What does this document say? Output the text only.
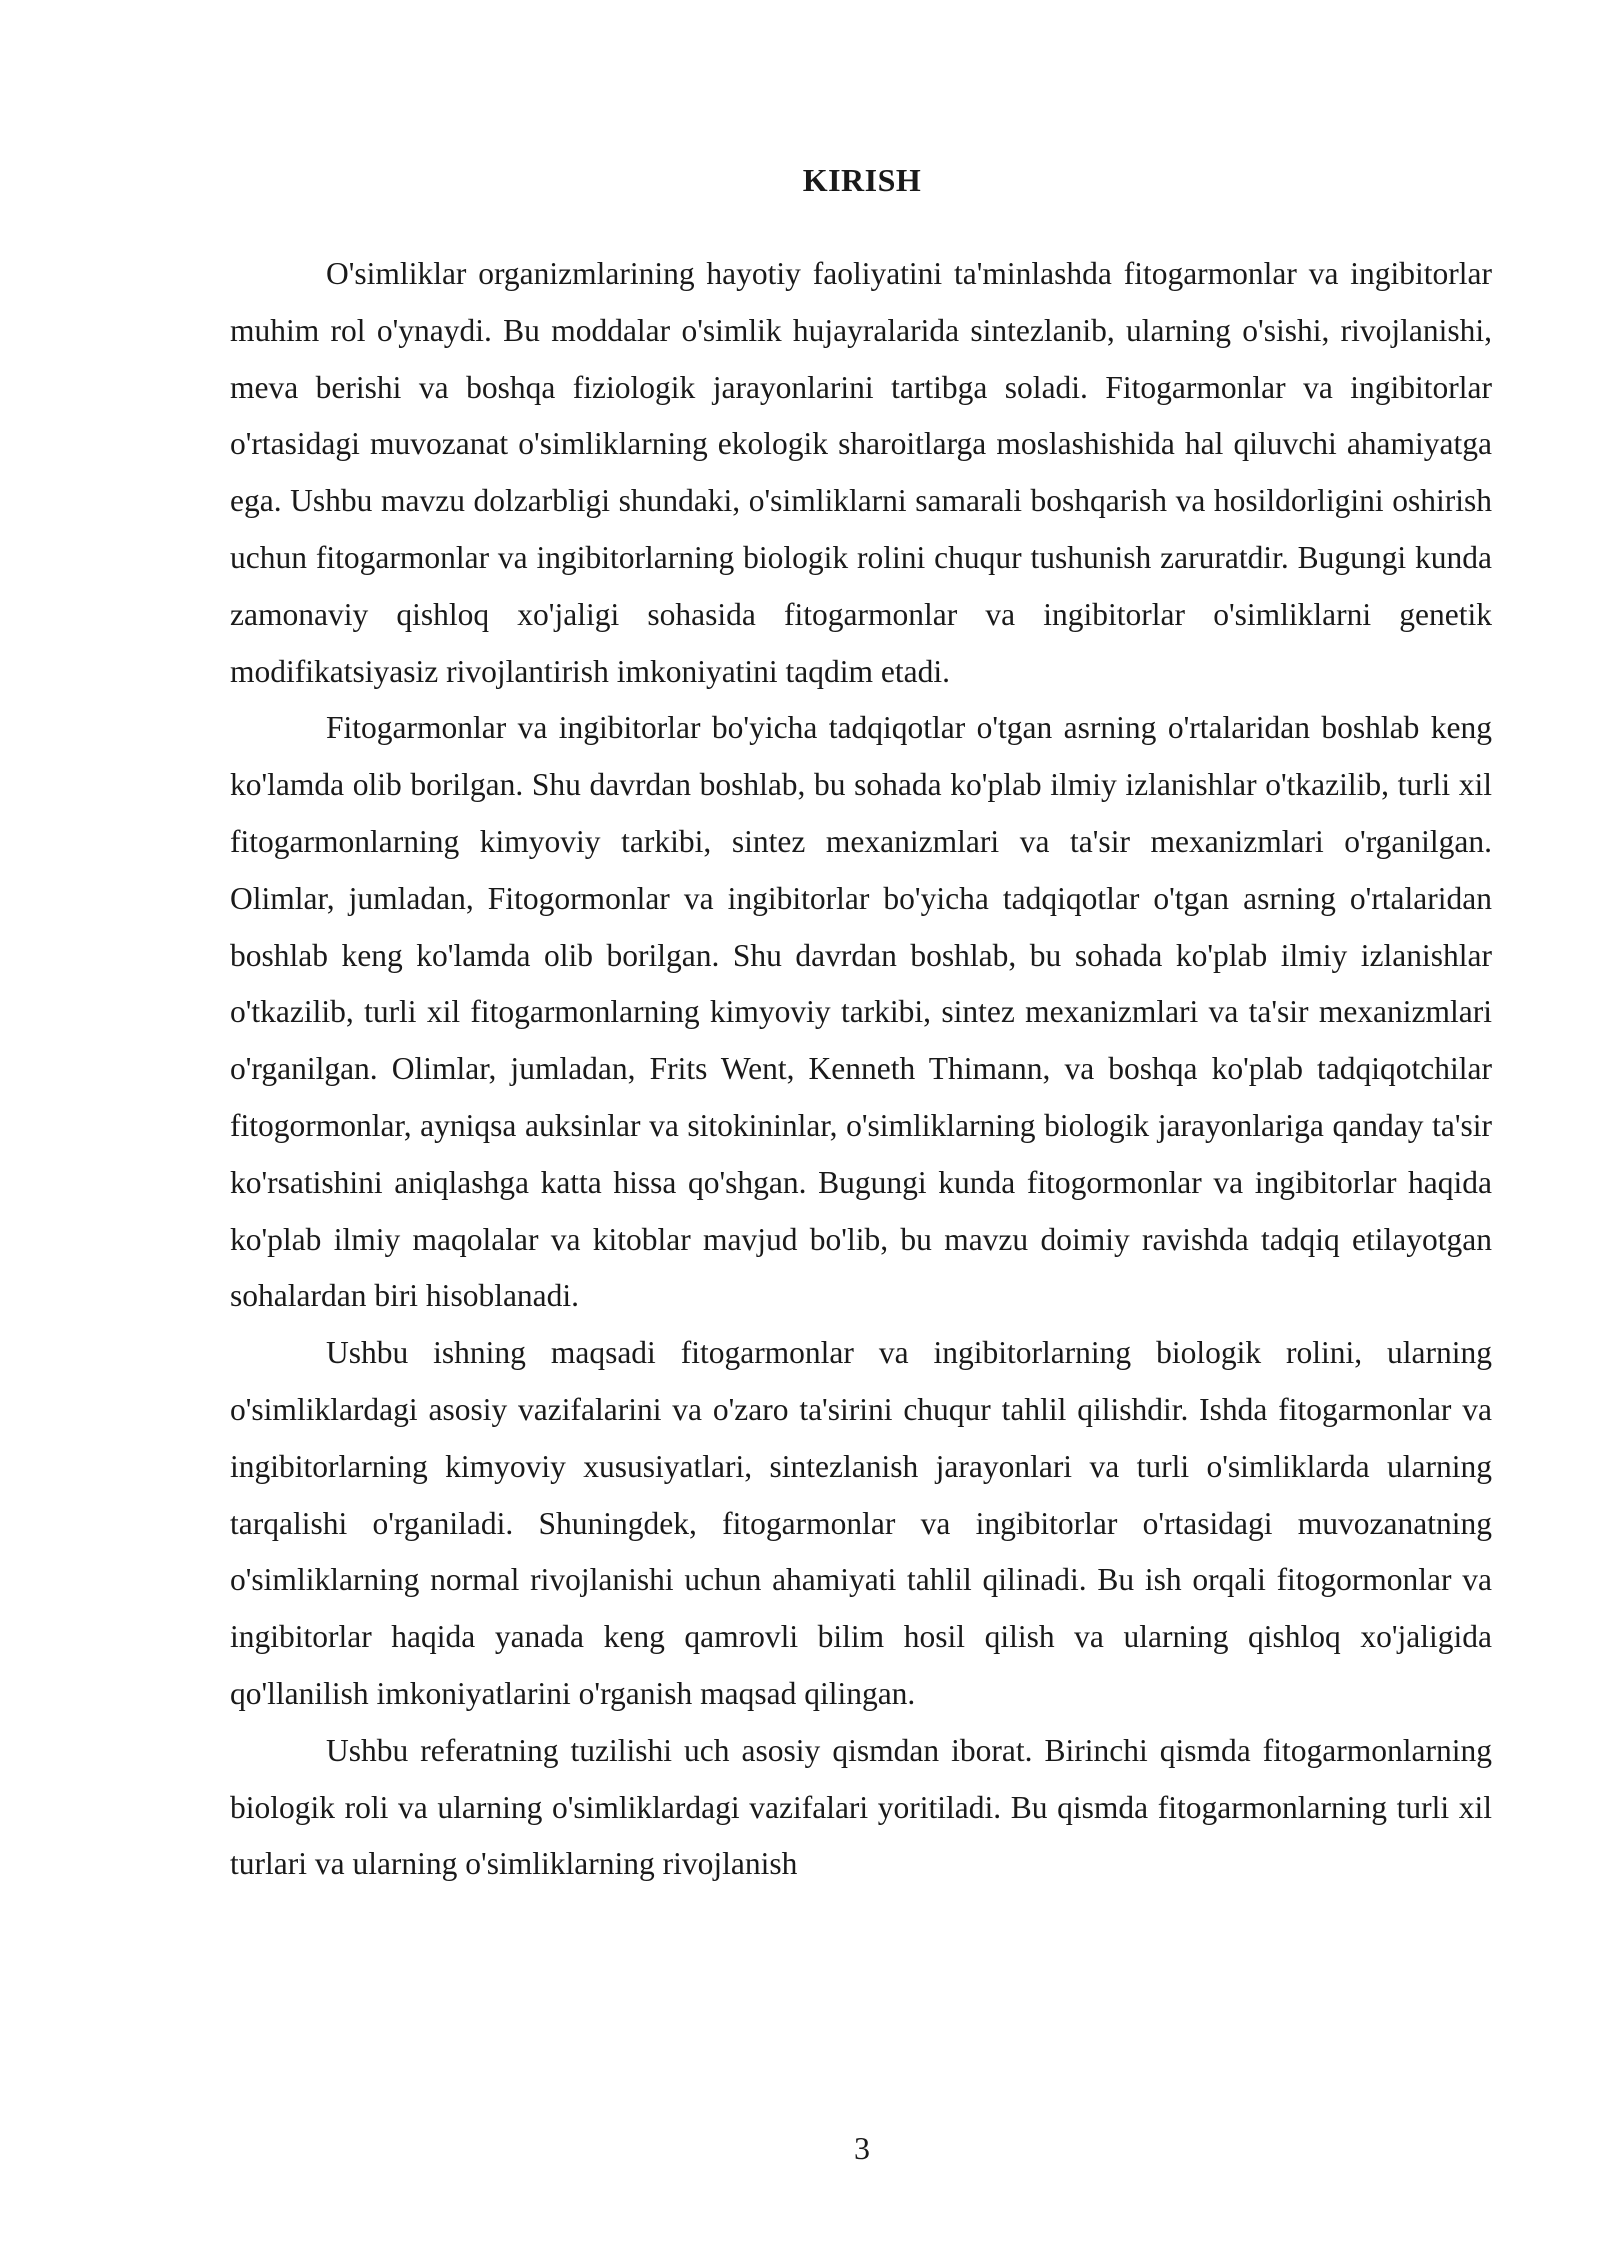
KIRISH

O'simliklar organizmlarining hayotiy faoliyatini ta'minlashda fitogarmonlar va ingibitorlar muhim rol o'ynaydi. Bu moddalar o'simlik hujayralarida sintezlanib, ularning o'sishi, rivojlanishi, meva berishi va boshqa fiziologik jarayonlarini tartibga soladi. Fitogarmonlar va ingibitorlar o'rtasidagi muvozanat o'simliklarning ekologik sharoitlarga moslashishida hal qiluvchi ahamiyatga ega. Ushbu mavzu dolzarbligi shundaki, o'simliklarni samarali boshqarish va hosildorligini oshirish uchun fitogarmonlar va ingibitorlarning biologik rolini chuqur tushunish zaruratdir. Bugungi kunda zamonaviy qishloq xo'jaligi sohasida fitogarmonlar va ingibitorlar o'simliklarni genetik modifikatsiyasiz rivojlantirish imkoniyatini taqdim etadi.

Fitogarmonlar va ingibitorlar bo'yicha tadqiqotlar o'tgan asrning o'rtalaridan boshlab keng ko'lamda olib borilgan. Shu davrdan boshlab, bu sohada ko'plab ilmiy izlanishlar o'tkazilib, turli xil fitogarmonlarning kimyoviy tarkibi, sintez mexanizmlari va ta'sir mexanizmlari o'rganilgan. Olimlar, jumladan, Fitogormonlar va ingibitorlar bo'yicha tadqiqotlar o'tgan asrning o'rtalaridan boshlab keng ko'lamda olib borilgan. Shu davrdan boshlab, bu sohada ko'plab ilmiy izlanishlar o'tkazilib, turli xil fitogarmonlarning kimyoviy tarkibi, sintez mexanizmlari va ta'sir mexanizmlari o'rganilgan. Olimlar, jumladan, Frits Went, Kenneth Thimann, va boshqa ko'plab tadqiqotchilar fitogormonlar, ayniqsa auksinlar va sitokininlar, o'simliklarning biologik jarayonlariga qanday ta'sir ko'rsatishini aniqlashga katta hissa qo'shgan. Bugungi kunda fitogormonlar va ingibitorlar haqida ko'plab ilmiy maqolalar va kitoblar mavjud bo'lib, bu mavzu doimiy ravishda tadqiq etilayotgan sohalardan biri hisoblanadi.

Ushbu ishning maqsadi fitogarmonlar va ingibitorlarning biologik rolini, ularning o'simliklardagi asosiy vazifalarini va o'zaro ta'sirini chuqur tahlil qilishdir. Ishda fitogarmonlar va ingibitorlarning kimyoviy xususiyatlari, sintezlanish jarayonlari va turli o'simliklarda ularning tarqalishi o'rganiladi. Shuningdek, fitogarmonlar va ingibitorlar o'rtasidagi muvozanatning o'simliklarning normal rivojlanishi uchun ahamiyati tahlil qilinadi. Bu ish orqali fitogormonlar va ingibitorlar haqida yanada keng qamrovli bilim hosil qilish va ularning qishloq xo'jaligida qo'llanilish imkoniyatlarini o'rganish maqsad qilingan.

Ushbu referatning tuzilishi uch asosiy qismdan iborat. Birinchi qismda fitogarmonlarning biologik roli va ularning o'simliklardagi vazifalari yoritiladi. Bu qismda fitogarmonlarning turli xil turlari va ularning o'simliklarning rivojlanish

3
